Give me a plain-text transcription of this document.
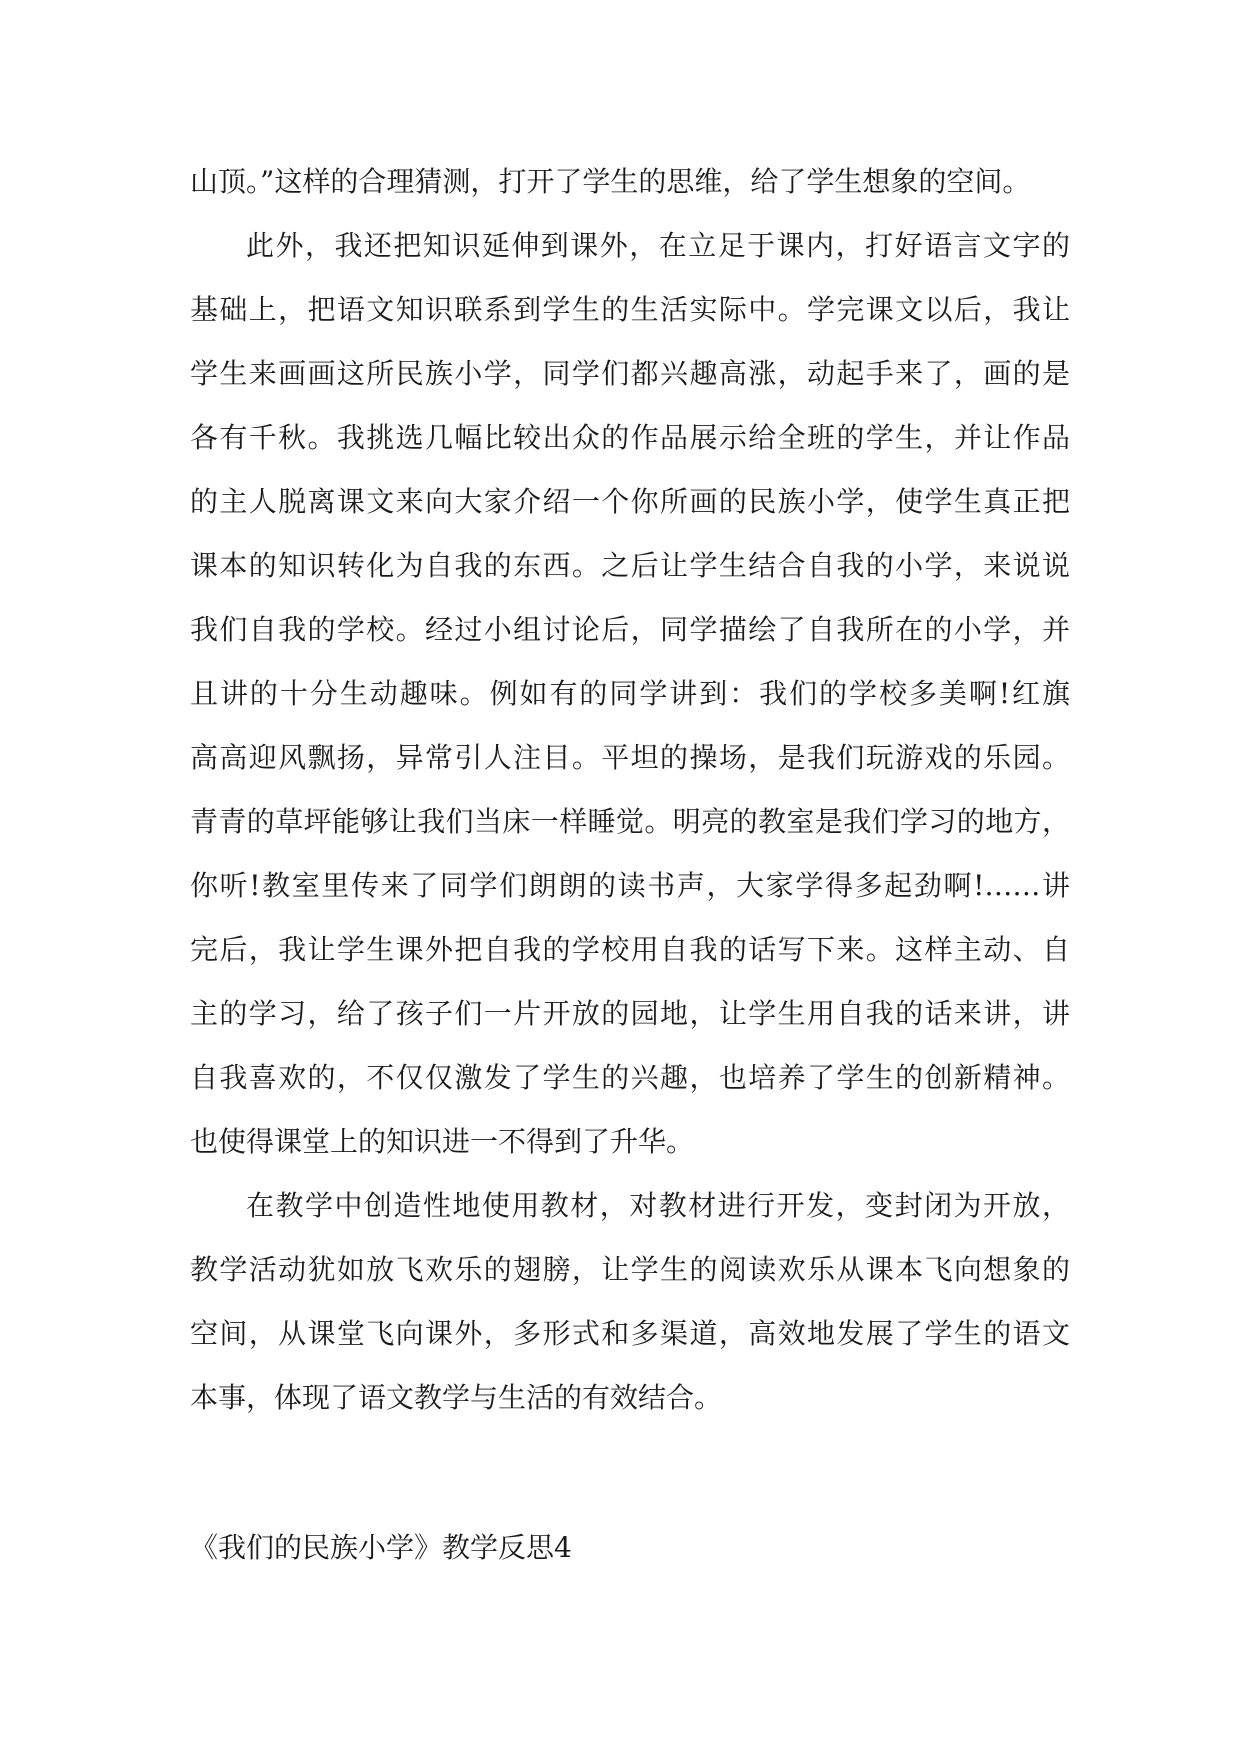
山顶。”这样的合理猜测，打开了学生的思维，给了学生想象的空间。
此外，我还把知识延伸到课外，在立足于课内，打好语言文字的
基础上，把语文知识联系到学生的生活实际中。学完课文以后，我让
学生来画画这所民族小学，同学们都兴趣高涨，动起手来了，画的是
各有千秋。我挑选几幅比较出众的作品展示给全班的学生，并让作品
的主人脱离课文来向大家介绍一个你所画的民族小学，使学生真正把
课本的知识转化为自我的东西。之后让学生结合自我的小学，来说说
我们自我的学校。经过小组讨论后，同学描绘了自我所在的小学，并
且讲的十分生动趣味。例如有的同学讲到：我们的学校多美啊!红旗
高高迎风飘扬，异常引人注目。平坦的操场，是我们玩游戏的乐园。
青青的草坪能够让我们当床一样睡觉。明亮的教室是我们学习的地方，
你听!教室里传来了同学们朗朗的读书声，大家学得多起劲啊!……讲
完后，我让学生课外把自我的学校用自我的话写下来。这样主动、自
主的学习，给了孩子们一片开放的园地，让学生用自我的话来讲，讲
自我喜欢的，不仅仅激发了学生的兴趣，也培养了学生的创新精神。
也使得课堂上的知识进一不得到了升华。
在教学中创造性地使用教材，对教材进行开发，变封闭为开放，
教学活动犹如放飞欢乐的翅膀，让学生的阅读欢乐从课本飞向想象的
空间，从课堂飞向课外，多形式和多渠道，高效地发展了学生的语文
本事，体现了语文教学与生活的有效结合。
《我们的民族小学》教学反思4
